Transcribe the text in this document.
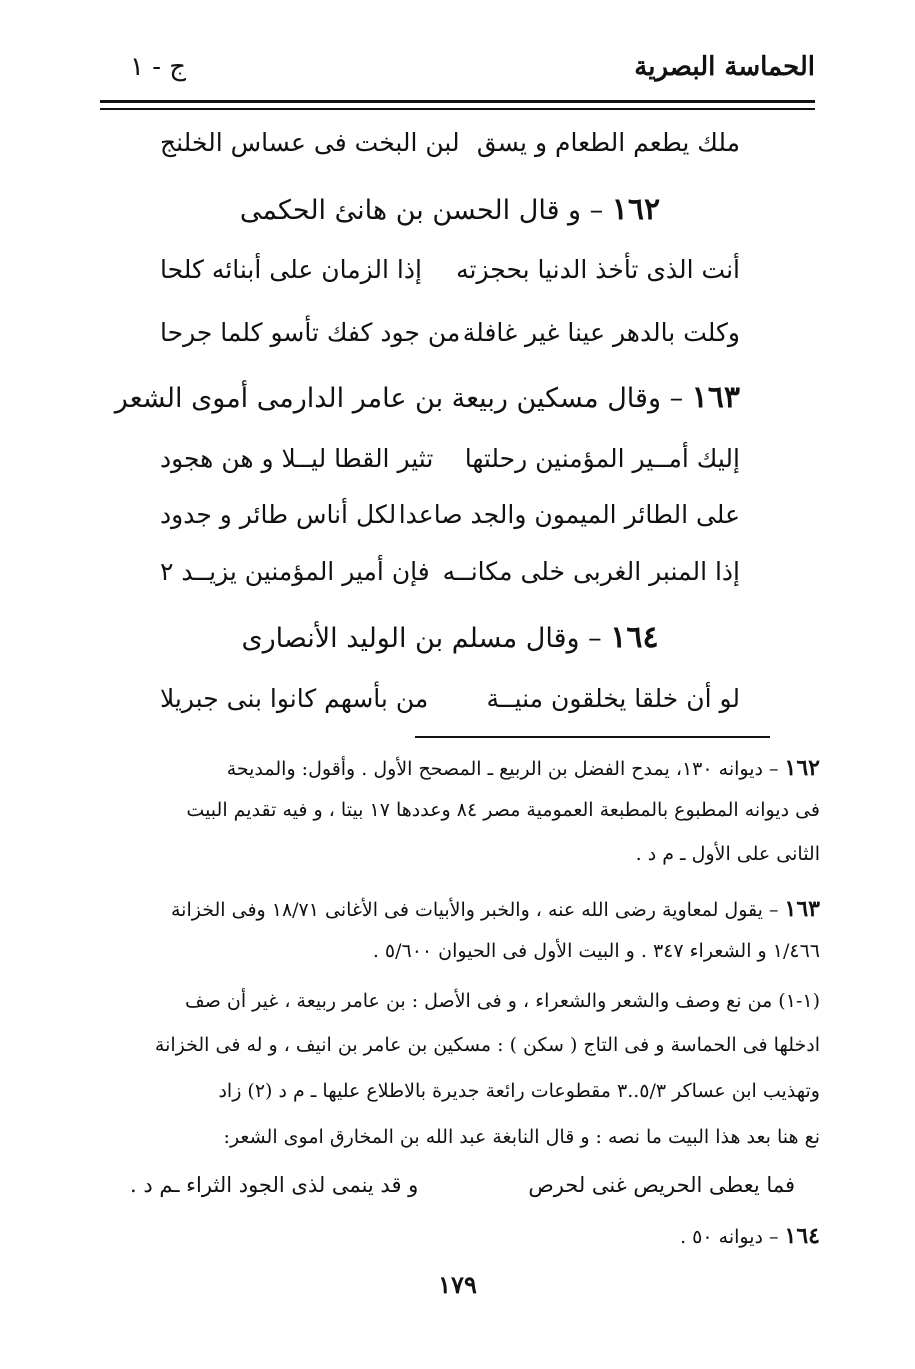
الحماسة البصرية
ج - ١
ملك يطعم الطعام و يسق
لبن البخت فى عساس الخلنج
١٦٢ – و قال الحسن بن هانئ الحكمى
أنت الذى تأخذ الدنيا بحجزته
إذا الزمان على أبنائه كلحا
وكلت بالدهر عينا غير غافلة
من جود كفك تأسو كلما جرحا
١٦٣ – وقال مسكين ربيعة بن عامر الدارمى أموى الشعر
إليك أمــير المؤمنين رحلتها
تثير القطا ليــلا و هن هجود
على الطائر الميمون والجد صاعدا
لكل أناس طائر و جدود
إذا المنبر الغربى خلى مكانــه
فإن أمير المؤمنين يزيــد ٢
١٦٤ – وقال مسلم بن الوليد الأنصارى
لو أن خلقا يخلقون منيــة
من بأسهم كانوا بنى جبريلا
١٦٢ – ديوانه ١٣٠، يمدح الفضل بن الربيع ـ المصحح الأول . وأقول: والمديحة
فى ديوانه المطبوع بالمطبعة العمومية مصر ٨٤ وعددها ١٧ بيتا ، و فيه تقديم البيت
الثانى على الأول ـ م د .
١٦٣ – يقول لمعاوية رضى الله عنه ، والخبر والأبيات فى الأغانى ١٨/٧١ وفى الخزانة
١/٤٦٦ و الشعراء ٣٤٧ . و البيت الأول فى الحيوان ٥/٦٠٠ .
(١-١) من نع وصف والشعر والشعراء ، و فى الأصل : بن عامر ربيعة ، غير أن صف
ادخلها فى الحماسة و فى التاج ( سكن ) : مسكين بن عامر بن انيف ، و له فى الخزانة
وتهذيب ابن عساكر ٥/٣..٣ مقطوعات رائعة جديرة بالاطلاع عليها ـ م د (٢) زاد
نع هنا بعد هذا البيت ما نصه : و قال النابغة عبد الله بن المخارق اموى الشعر:
فما يعطى الحريص غنى لحرص
و قد ينمى لذى الجود الثراء ـم د .
١٦٤ – ديوانه ٥٠ .
١٧٩
